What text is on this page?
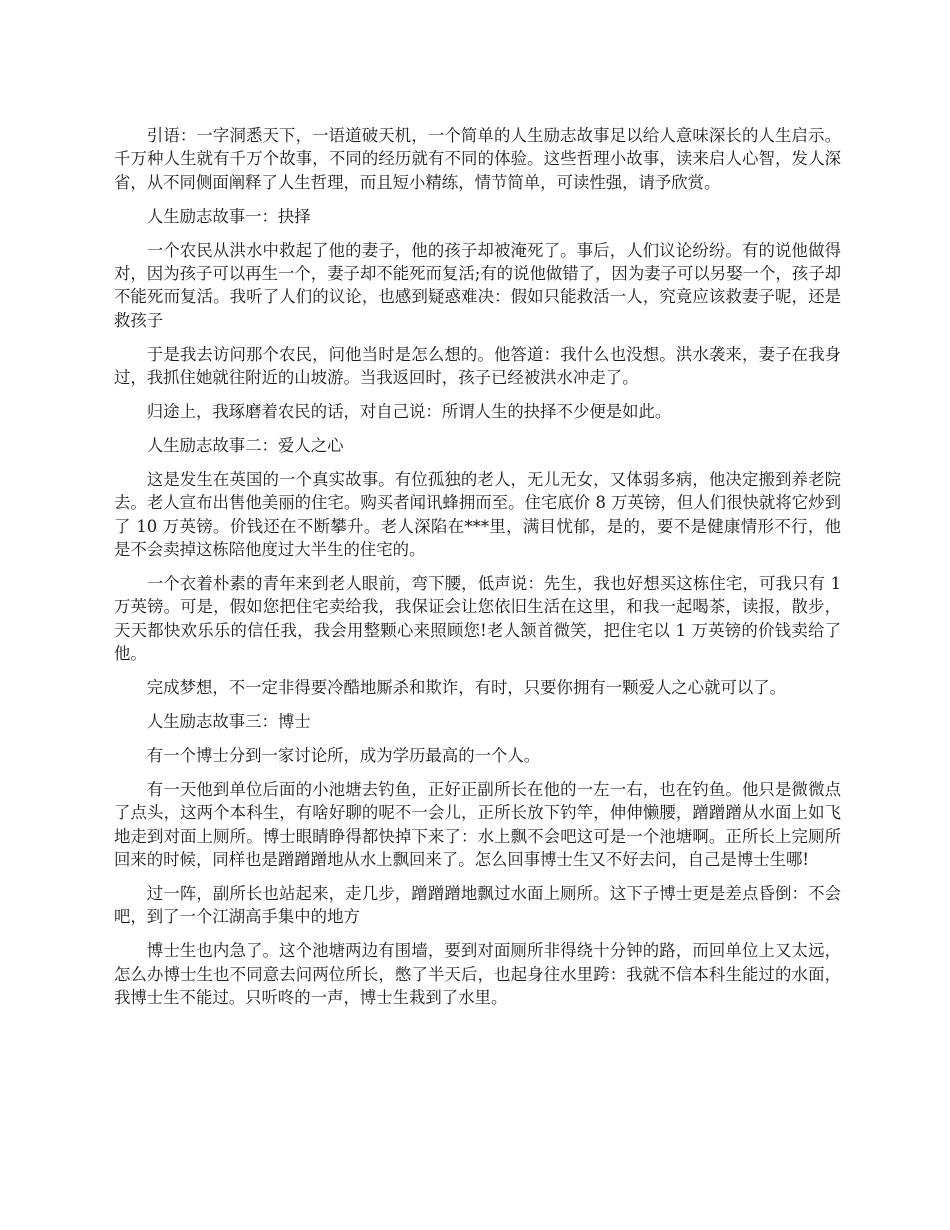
引语：一字洞悉天下，一语道破天机，一个简单的人生励志故事足以给人意味深长的人生启示。千万种人生就有千万个故事，不同的经历就有不同的体验。这些哲理小故事，读来启人心智，发人深省，从不同侧面阐释了人生哲理，而且短小精练，情节简单，可读性强，请予欣赏。

人生励志故事一：抉择

一个农民从洪水中救起了他的妻子，他的孩子却被淹死了。事后，人们议论纷纷。有的说他做得对，因为孩子可以再生一个，妻子却不能死而复活;有的说他做错了，因为妻子可以另娶一个，孩子却不能死而复活。我听了人们的议论，也感到疑惑难决：假如只能救活一人，究竟应该救妻子呢，还是救孩子

于是我去访问那个农民，问他当时是怎么想的。他答道：我什么也没想。洪水袭来，妻子在我身过，我抓住她就往附近的山坡游。当我返回时，孩子已经被洪水冲走了。

归途上，我琢磨着农民的话，对自己说：所谓人生的抉择不少便是如此。

人生励志故事二：爱人之心

这是发生在英国的一个真实故事。有位孤独的老人，无儿无女，又体弱多病，他决定搬到养老院去。老人宣布出售他美丽的住宅。购买者闻讯蜂拥而至。住宅底价 8 万英镑，但人们很快就将它炒到了 10 万英镑。价钱还在不断攀升。老人深陷在***里，满目忧郁，是的，要不是健康情形不行，他是不会卖掉这栋陪他度过大半生的住宅的。

一个衣着朴素的青年来到老人眼前，弯下腰，低声说：先生，我也好想买这栋住宅，可我只有 1 万英镑。可是，假如您把住宅卖给我，我保证会让您依旧生活在这里，和我一起喝茶，读报，散步，天天都快欢乐乐的信任我，我会用整颗心来照顾您!老人颔首微笑，把住宅以 1 万英镑的价钱卖给了他。

完成梦想，不一定非得要冷酷地厮杀和欺诈，有时，只要你拥有一颗爱人之心就可以了。

人生励志故事三：博士

有一个博士分到一家讨论所，成为学历最高的一个人。

有一天他到单位后面的小池塘去钓鱼，正好正副所长在他的一左一右，也在钓鱼。他只是微微点了点头，这两个本科生，有啥好聊的呢不一会儿，正所长放下钓竿，伸伸懒腰，蹭蹭蹭从水面上如飞地走到对面上厕所。博士眼睛睁得都快掉下来了：水上飘不会吧这可是一个池塘啊。正所长上完厕所回来的时候，同样也是蹭蹭蹭地从水上飘回来了。怎么回事博士生又不好去问，自己是博士生哪!

过一阵，副所长也站起来，走几步，蹭蹭蹭地飘过水面上厕所。这下子博士更是差点昏倒：不会吧，到了一个江湖高手集中的地方

博士生也内急了。这个池塘两边有围墙，要到对面厕所非得绕十分钟的路，而回单位上又太远，怎么办博士生也不同意去问两位所长，憋了半天后，也起身往水里跨：我就不信本科生能过的水面，我博士生不能过。只听咚的一声，博士生栽到了水里。
